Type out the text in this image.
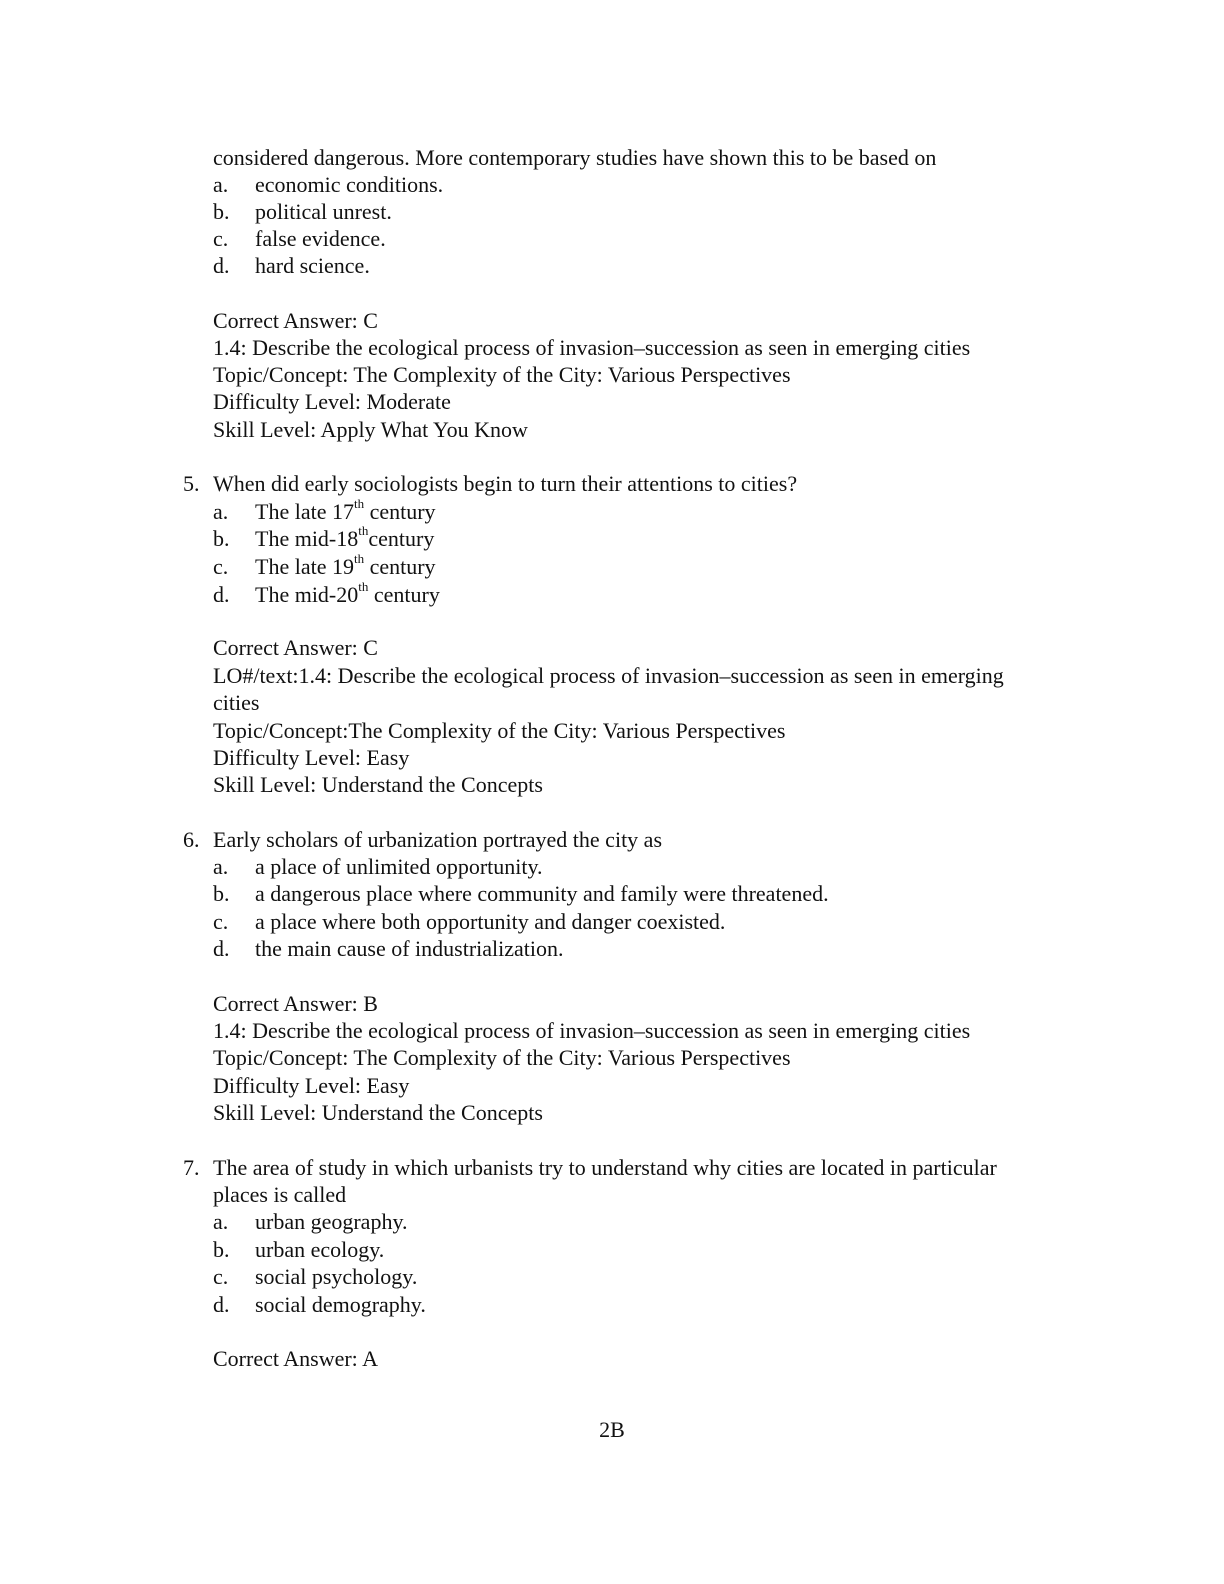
considered dangerous. More contemporary studies have shown this to be based on
a. economic conditions.
b. political unrest.
c. false evidence.
d. hard science.
Correct Answer: C
1.4: Describe the ecological process of invasion–succession as seen in emerging cities
Topic/Concept: The Complexity of the City: Various Perspectives
Difficulty Level: Moderate
Skill Level: Apply What You Know
5. When did early sociologists begin to turn their attentions to cities?
a. The late 17th century
b. The mid-18thcentury
c. The late 19th century
d. The mid-20th century
Correct Answer: C
LO#/text:1.4: Describe the ecological process of invasion–succession as seen in emerging
cities
Topic/Concept:The Complexity of the City: Various Perspectives
Difficulty Level: Easy
Skill Level: Understand the Concepts
6. Early scholars of urbanization portrayed the city as
a. a place of unlimited opportunity.
b. a dangerous place where community and family were threatened.
c. a place where both opportunity and danger coexisted.
d. the main cause of industrialization.
Correct Answer: B
1.4: Describe the ecological process of invasion–succession as seen in emerging cities
Topic/Concept: The Complexity of the City: Various Perspectives
Difficulty Level: Easy
Skill Level: Understand the Concepts
7. The area of study in which urbanists try to understand why cities are located in particular
places is called
a. urban geography.
b. urban ecology.
c. social psychology.
d. social demography.
Correct Answer: A
2B
